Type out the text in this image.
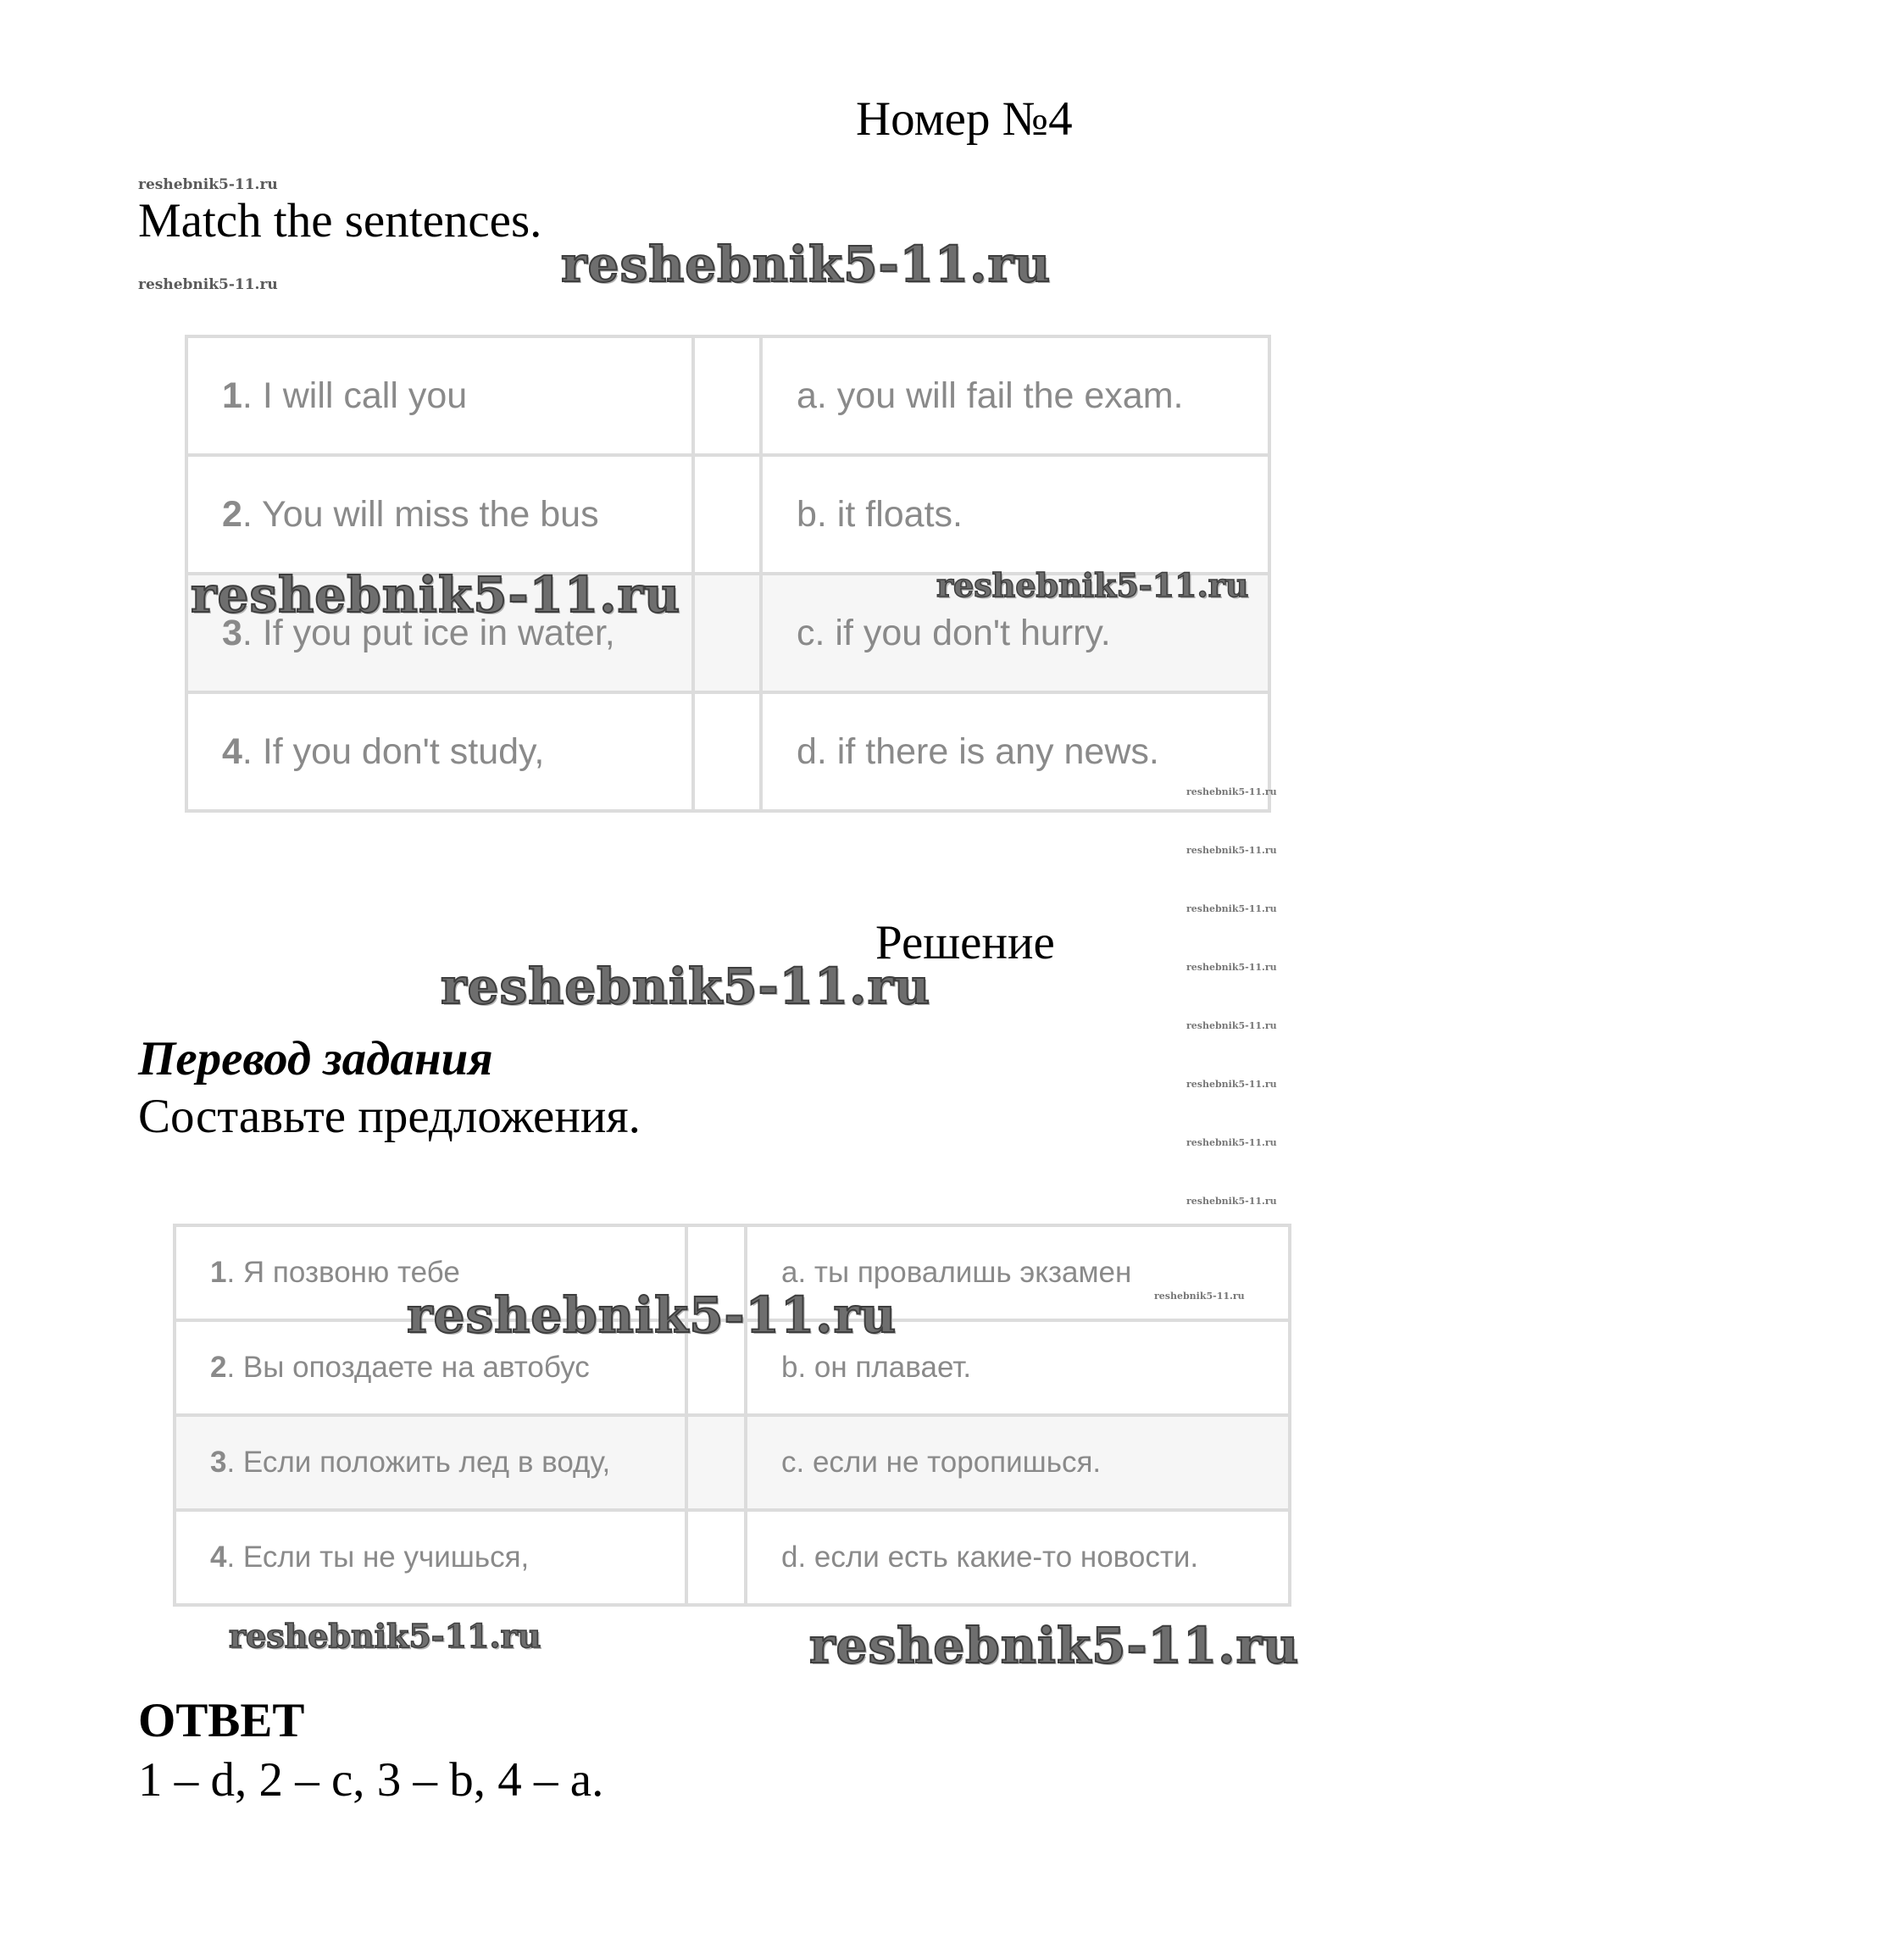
Номер №4
reshebnik5-11.ru
Match the sentences.
reshebnik5-11.ru	reshebnik5-11.ru
1. I will call you		a. you will fail the exam.
2. You will miss the bus		b. it floats.
3. If you put ice in water,		c. if you don't hurry.
4. If you don't study,		d. if there is any news.
reshebnik5-11.ru	reshebnik5-11.ru
reshebnik5-11.ru
reshebnik5-11.ru
reshebnik5-11.ru
reshebnik5-11.ru
reshebnik5-11.ru
reshebnik5-11.ru
reshebnik5-11.ru
reshebnik5-11.ru
Решение
reshebnik5-11.ru
Перевод задания
Составьте предложения.
1. Я позвоню тебе		a. ты провалишь экзамен
2. Вы опоздаете на автобус		b. он плавает.
3. Если положить лед в воду,		c. если не торопишься.
4. Если ты не учишься,		d. если есть какие-то новости.
reshebnik5-11.ru
reshebnik5-11.ru
reshebnik5-11.ru	reshebnik5-11.ru
ОТВЕТ
1 – d, 2 – c, 3 – b, 4 – a.
